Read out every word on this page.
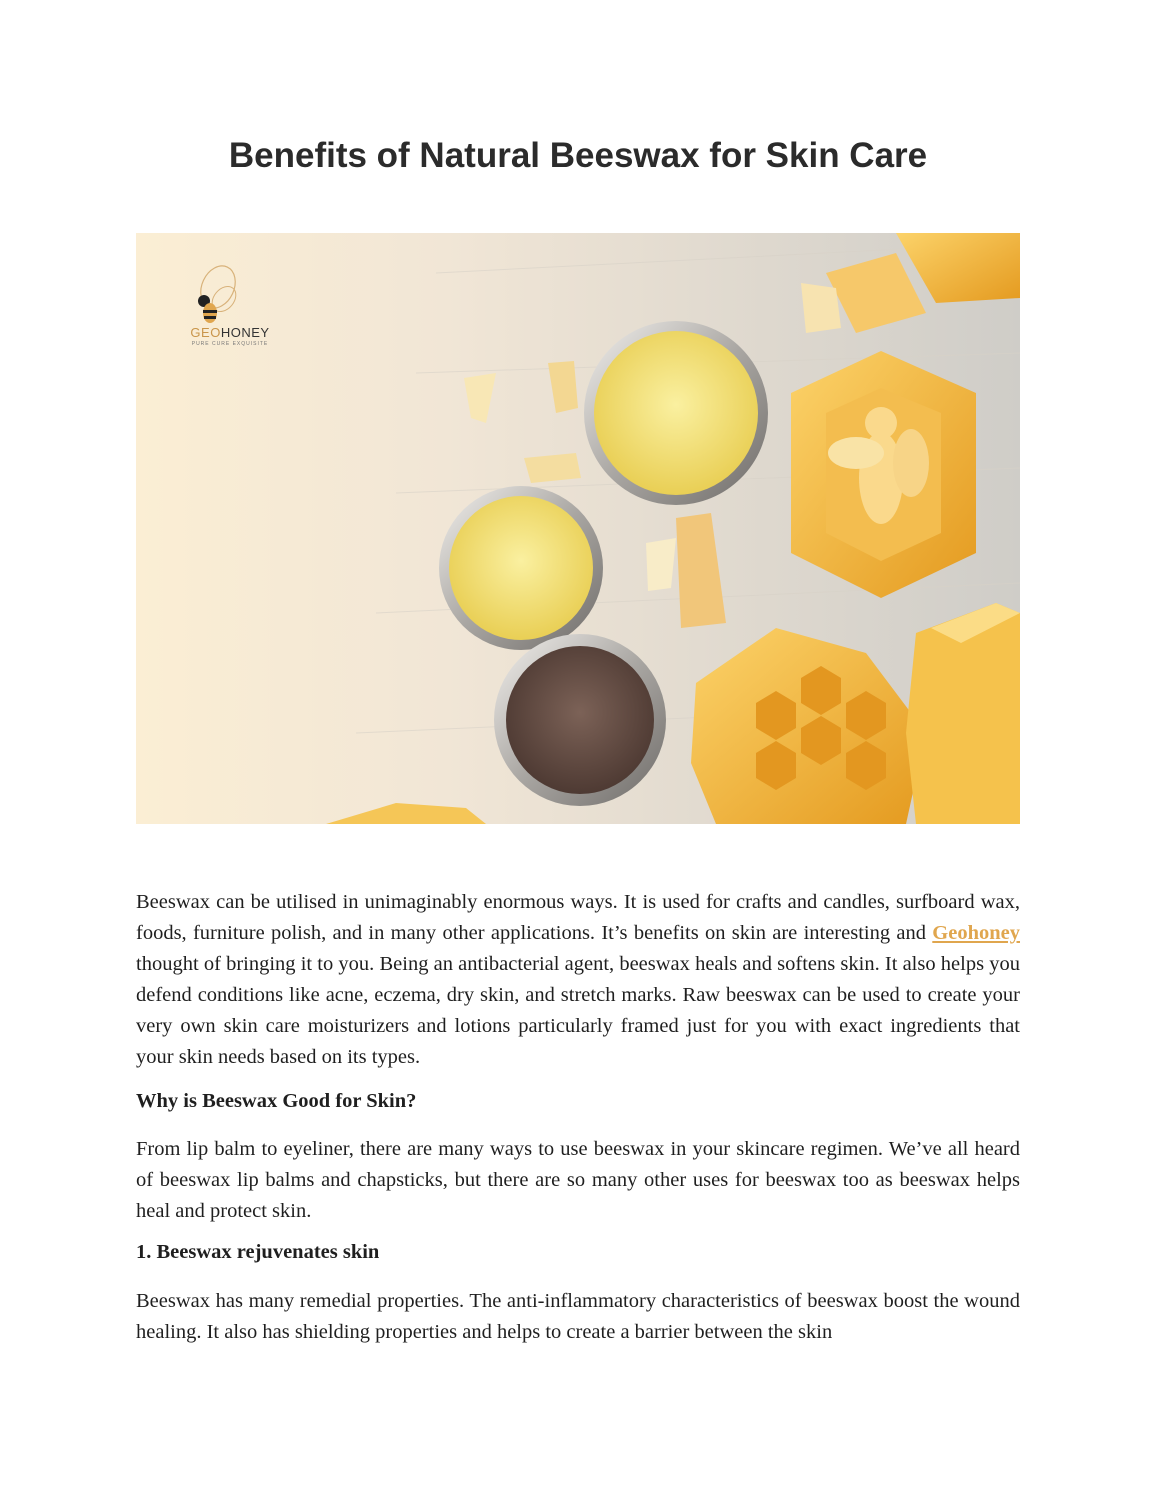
Benefits of Natural Beeswax for Skin Care
GEOHONEY
PURE CURE EXQUISITE

Beeswax can be utilised in unimaginably enormous ways. It is used for crafts and candles, surfboard wax, foods, furniture polish, and in many other applications. It’s benefits on skin are interesting and Geohoney thought of bringing it to you. Being an antibacterial agent, beeswax heals and softens skin. It also helps you defend conditions like acne, eczema, dry skin, and stretch marks. Raw beeswax can be used to create your very own skin care moisturizers and lotions particularly framed just for you with exact ingredients that your skin needs based on its types.

Why is Beeswax Good for Skin?

From lip balm to eyeliner, there are many ways to use beeswax in your skincare regimen. We’ve all heard of beeswax lip balms and chapsticks, but there are so many other uses for beeswax too as beeswax helps heal and protect skin.

1. Beeswax rejuvenates skin

Beeswax has many remedial properties. The anti-inflammatory characteristics of beeswax boost the wound healing. It also has shielding properties and helps to create a barrier between the skin
